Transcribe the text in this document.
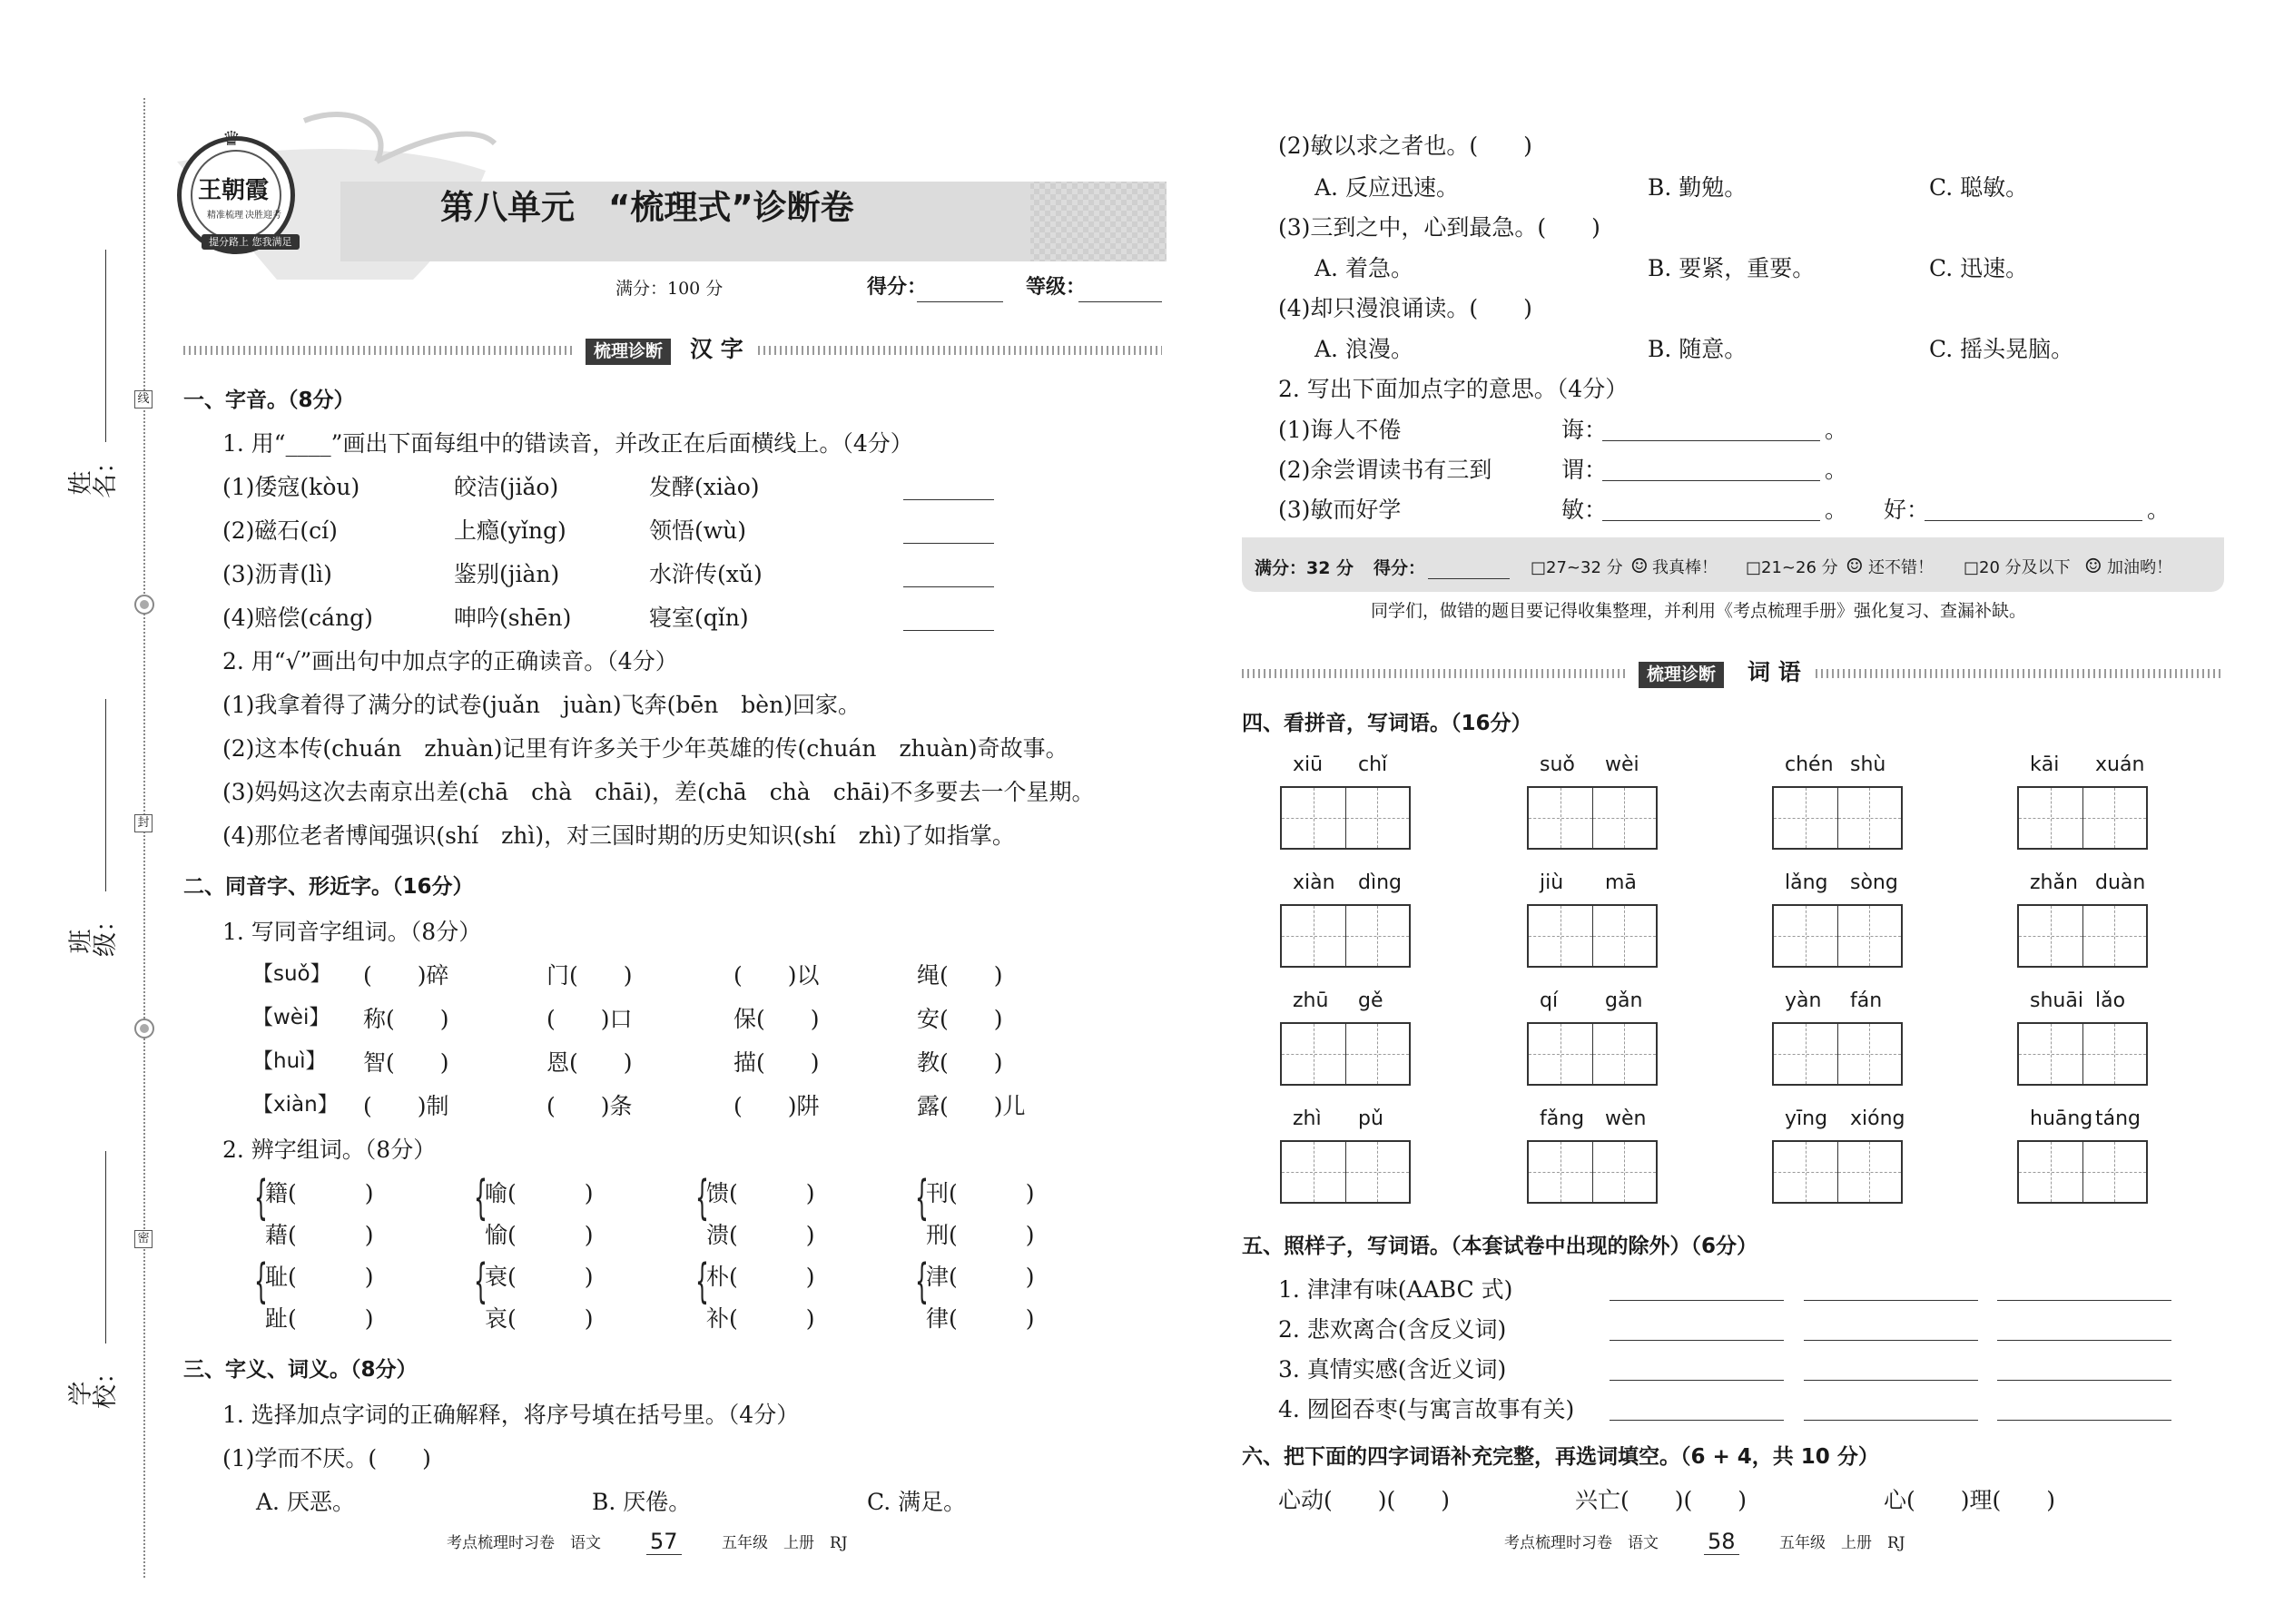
线
封
密
姓名：
班级：
学校：
王朝霞
精准梳理 决胜迎考
♛
提分路上 您我满足
第八单元　“梳理式”诊断卷
满分：100 分	得分：	等级：
梳理诊断	汉 字
一、字音。（8分）
1. 用“____”画出下面每组中的错读音，并改正在后面横线上。（4分）
(1)倭寇(kòu)	皎洁(jiǎo)	发酵(xiào)
(2)磁石(cí)	上瘾(yǐng)	领悟(wù)
(3)沥青(lì)	鉴别(jiàn)	水浒传(xǔ)
(4)赔偿(cáng)	呻吟(shēn)	寝室(qǐn)
2. 用“√”画出句中加点字的正确读音。（4分）
(1)我拿着得了满分的试卷(juǎn　juàn)飞奔(bēn　bèn)回家。
(2)这本传(chuán　zhuàn)记里有许多关于少年英雄的传(chuán　zhuàn)奇故事。
(3)妈妈这次去南京出差(chā　chà　chāi)，差(chā　chà　chāi)不多要去一个星期。
(4)那位老者博闻强识(shí　zhì)，对三国时期的历史知识(shí　zhì)了如指掌。
二、同音字、形近字。（16分）
1. 写同音字组词。（8分）
【suǒ】 (　　)碎	门(　　)	(　　)以	绳(　　)
【wèi】 称(　　)	(　　)口	保(　　)	安(　　)
【huì】 智(　　)	恩(　　)	描(　　)	教(　　)
【xiàn】 (　　)制	(　　)条	(　　)阱	露(　　)儿
2. 辨字组词。（8分）
{
籍(　　　)
藉(　　　)
{
喻(　　　)
愉(　　　)
{
馈(　　　)
溃(　　　)
{
刊(　　　)
刑(　　　)
{
耻(　　　)
趾(　　　)
{
衰(　　　)
哀(　　　)
{
朴(　　　)
补(　　　)
{
津(　　　)
律(　　　)
三、字义、词义。（8分）
1. 选择加点字词的正确解释，将序号填在括号里。（4分）
(1)学而不厌。(　　)
A. 厌恶。	B. 厌倦。	C. 满足。
考点梳理时习卷　语文 57	五年级　上册　RJ
(2)敏以求之者也。(　　)
A. 反应迅速。	B. 勤勉。	C. 聪敏。
(3)三到之中，心到最急。(　　)
A. 着急。	B. 要紧，重要。	C. 迅速。
(4)却只漫浪诵读。(　　)
A. 浪漫。	B. 随意。	C. 摇头晃脑。
2. 写出下面加点字的意思。（4分）
(1)诲人不倦	诲：	。
(2)余尝谓读书有三到	谓：	。
(3)敏而好学	敏：	。 好：	。
满分：32 分 得分：	□27~32 分 ☺ 我真棒！ □21~26 分 ☺ 还不错！ □20 分及以下 ☺ 加油哟！
同学们，做错的题目要记得收集整理，并利用《考点梳理手册》强化复习、查漏补缺。
梳理诊断	词 语
四、看拼音，写词语。（16分）
xiū chǐ	suǒ wèi	chén shù	kāi xuán
xiàn dìng	jiù mā	lǎng sòng	zhǎn duàn
zhū gě	qí gǎn	yàn fán	shuāi lǎo
zhì pǔ	fǎng wèn	yīng xióng	huāng táng
五、照样子，写词语。（本套试卷中出现的除外）（6分）
1. 津津有味(AABC 式)
2. 悲欢离合(含反义词)
3. 真情实感(含近义词)
4. 囫囵吞枣(与寓言故事有关)
六、把下面的四字词语补充完整，再选词填空。（6 + 4，共 10 分）
心动(　　)(　　)	兴亡(　　)(　　)	心(　　)理(　　)
考点梳理时习卷　语文 58	五年级　上册　RJ
